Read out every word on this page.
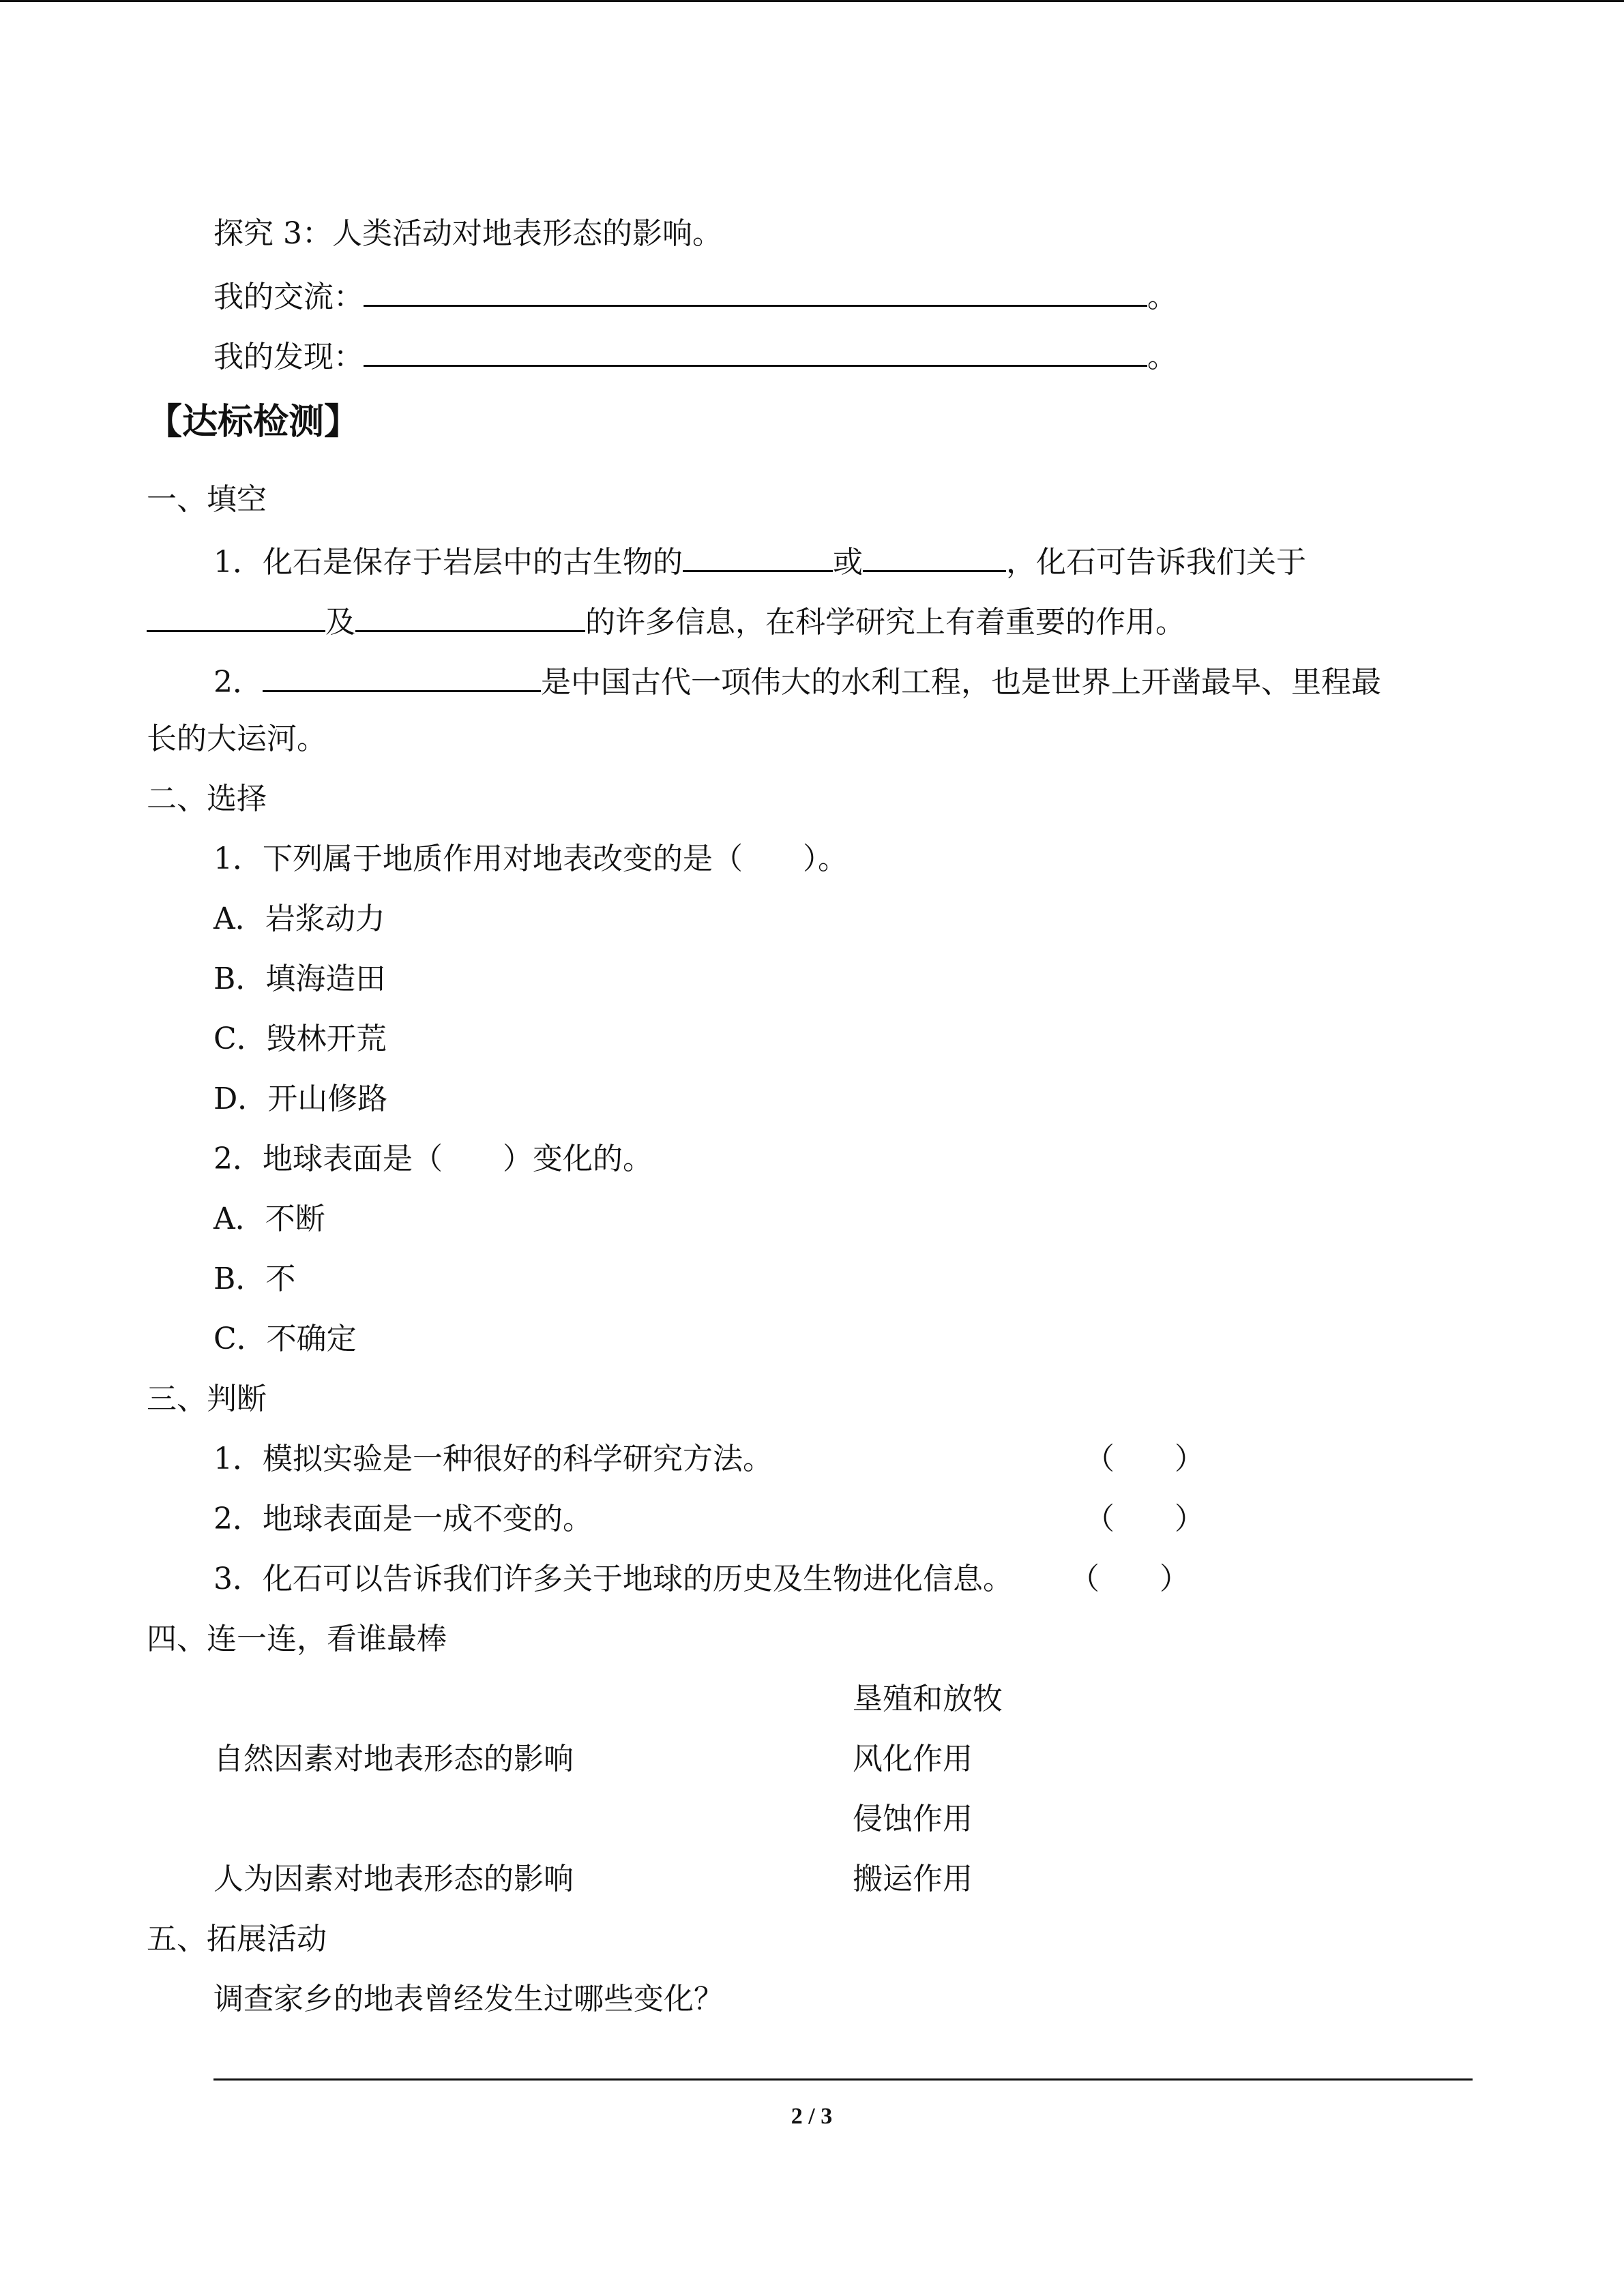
探究 3：人类活动对地表形态的影响。
我的交流：	。
我的发现：	。
【达标检测】
一、填空
1．化石是保存于岩层中的古生物的	或	，化石可告诉我们关于
及	的许多信息，在科学研究上有着重要的作用。
2．	是中国古代一项伟大的水利工程，也是世界上开凿最早、里程最
长的大运河。
二、选择
1．下列属于地质作用对地表改变的是（　　）。
A．岩浆动力
B．填海造田
C．毁林开荒
D．开山修路
2．地球表面是（　　）变化的。
A．不断
B．不
C．不确定
三、判断
1．模拟实验是一种很好的科学研究方法。	（　　）
2．地球表面是一成不变的。	（　　）
3．化石可以告诉我们许多关于地球的历史及生物进化信息。 （　　）
四、连一连，看谁最棒
垦殖和放牧
自然因素对地表形态的影响	风化作用
侵蚀作用
人为因素对地表形态的影响	搬运作用
五、拓展活动
调查家乡的地表曾经发生过哪些变化？
2 / 3
